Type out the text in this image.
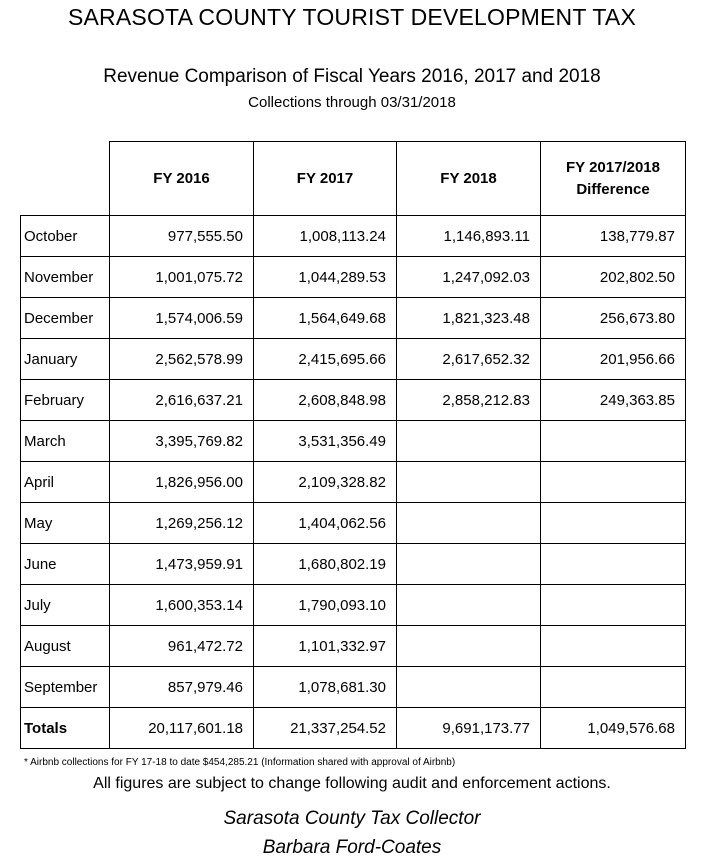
SARASOTA COUNTY TOURIST DEVELOPMENT TAX
Revenue Comparison of Fiscal Years 2016, 2017 and 2018
Collections through 03/31/2018
	FY 2016	FY 2017	FY 2018	FY 2017/2018
Difference

October	977,555.50	1,008,113.24	1,146,893.11	138,779.87
November	1,001,075.72	1,044,289.53	1,247,092.03	202,802.50
December	1,574,006.59	1,564,649.68	1,821,323.48	256,673.80
January	2,562,578.99	2,415,695.66	2,617,652.32	201,956.66
February	2,616,637.21	2,608,848.98	2,858,212.83	249,363.85
March	3,395,769.82	3,531,356.49		
April	1,826,956.00	2,109,328.82		
May	1,269,256.12	1,404,062.56		
June	1,473,959.91	1,680,802.19		
July	1,600,353.14	1,790,093.10		
August	961,472.72	1,101,332.97		
September	857,979.46	1,078,681.30		
Totals	20,117,601.18	21,337,254.52	9,691,173.77	1,049,576.68
* Airbnb collections for FY 17-18 to date $454,285.21 (Information shared with approval of Airbnb)
All figures are subject to change following audit and enforcement actions.
Sarasota County Tax Collector
Barbara Ford-Coates
